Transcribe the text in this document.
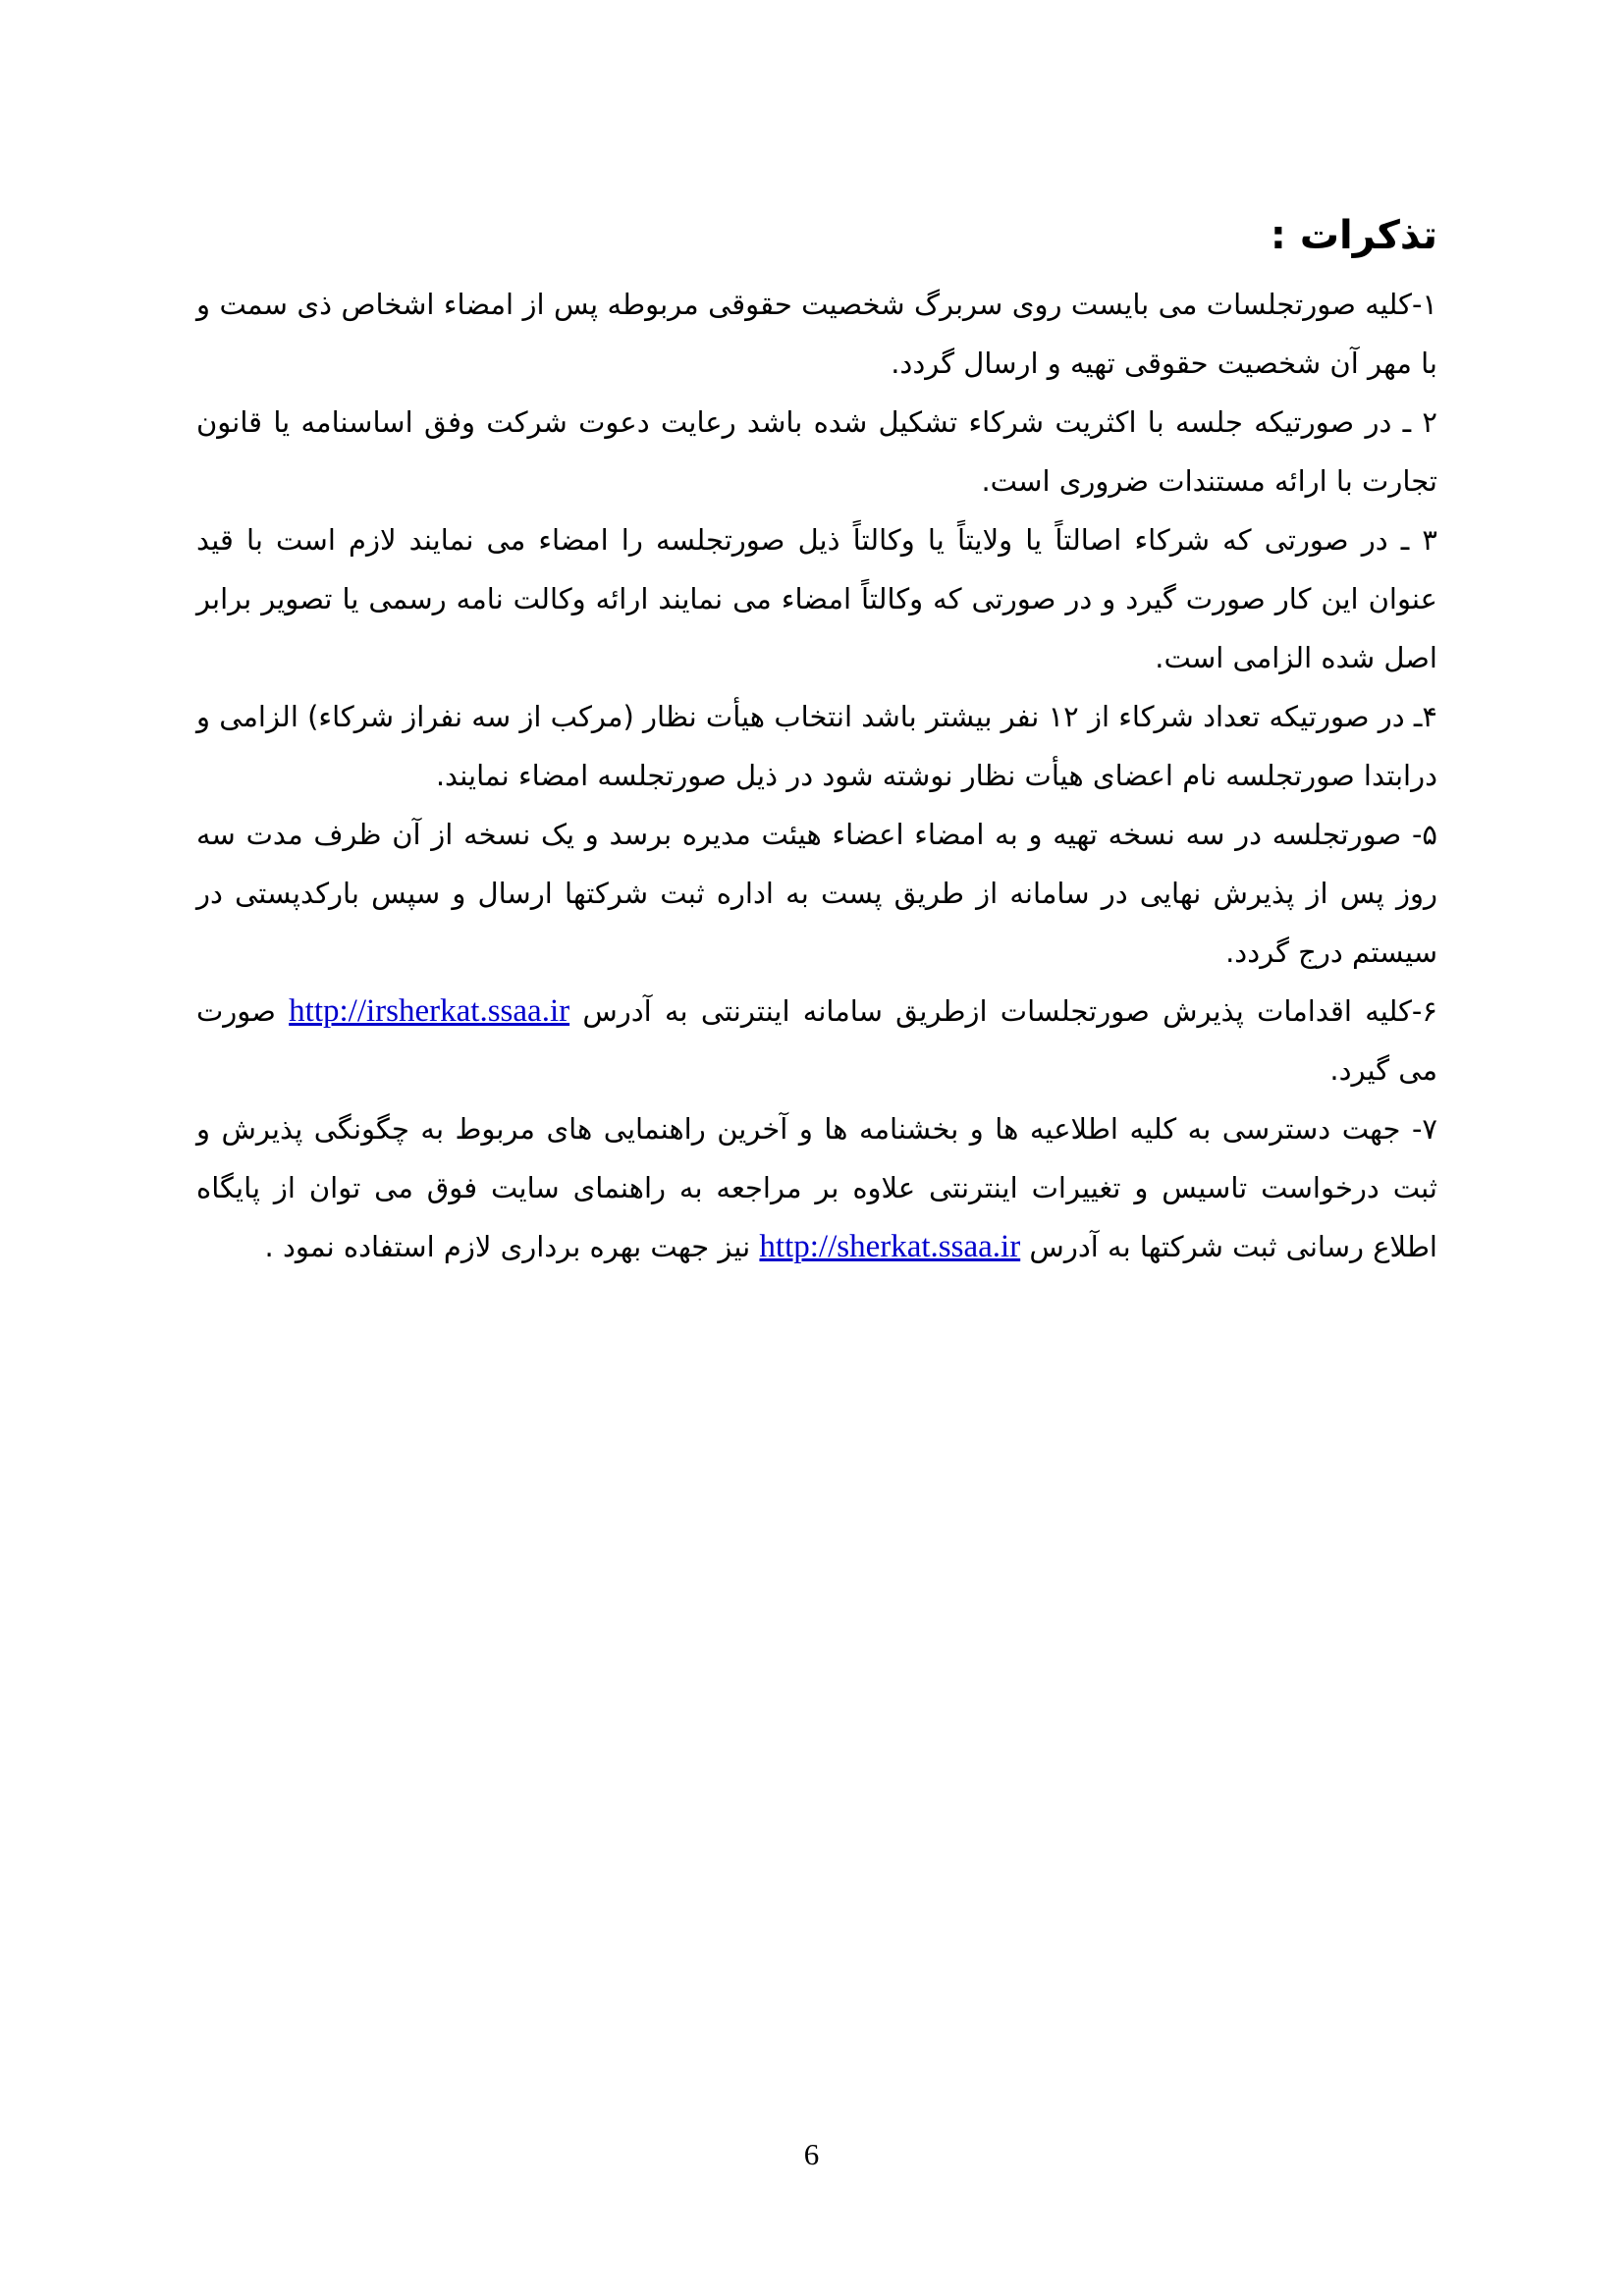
تذکرات :

۱-کلیه صورتجلسات می بایست روی سربرگ شخصیت حقوقی مربوطه پس از امضاء اشخاص ذی سمت و با مهر آن شخصیت حقوقی تهیه و ارسال گردد.

۲ ـ در صورتیکه جلسه با اکثریت شرکاء تشکیل شده باشد رعایت دعوت شرکت وفق اساسنامه یا قانون تجارت با ارائه مستندات ضروری است.

۳ ـ در صورتی که شرکاء اصالتاً یا ولایتاً یا وکالتاً ذیل صورتجلسه را امضاء می نمایند لازم است با قید عنوان این کار صورت گیرد و در صورتی که وکالتاً امضاء می نمایند ارائه وکالت نامه رسمی یا تصویر برابر اصل شده الزامی است.

۴ـ در صورتیکه تعداد شرکاء از ۱۲ نفر بیشتر باشد انتخاب هیأت نظار (مرکب از سه نفراز شرکاء) الزامی و درابتدا صورتجلسه نام اعضای هیأت نظار نوشته شود در ذیل صورتجلسه امضاء نمایند.

۵- صورتجلسه در سه نسخه تهیه و به امضاء اعضاء هیئت مدیره برسد و یک نسخه از آن ظرف مدت سه روز پس از پذیرش نهایی در سامانه از طریق پست به اداره ثبت شرکتها ارسال و سپس بارکدپستی در سیستم درج گردد.

۶-کلیه اقدامات پذیرش صورتجلسات ازطریق سامانه اینترنتی به آدرس http://irsherkat.ssaa.ir صورت می گیرد.

۷- جهت دسترسی به کلیه اطلاعیه ها و بخشنامه ها و آخرین راهنمایی های مربوط به چگونگی پذیرش و ثبت درخواست تاسیس و تغییرات اینترنتی علاوه بر مراجعه به راهنمای سایت فوق می توان از پایگاه اطلاع رسانی ثبت شرکتها به آدرس http://sherkat.ssaa.ir نیز جهت بهره برداری لازم استفاده نمود .

6
